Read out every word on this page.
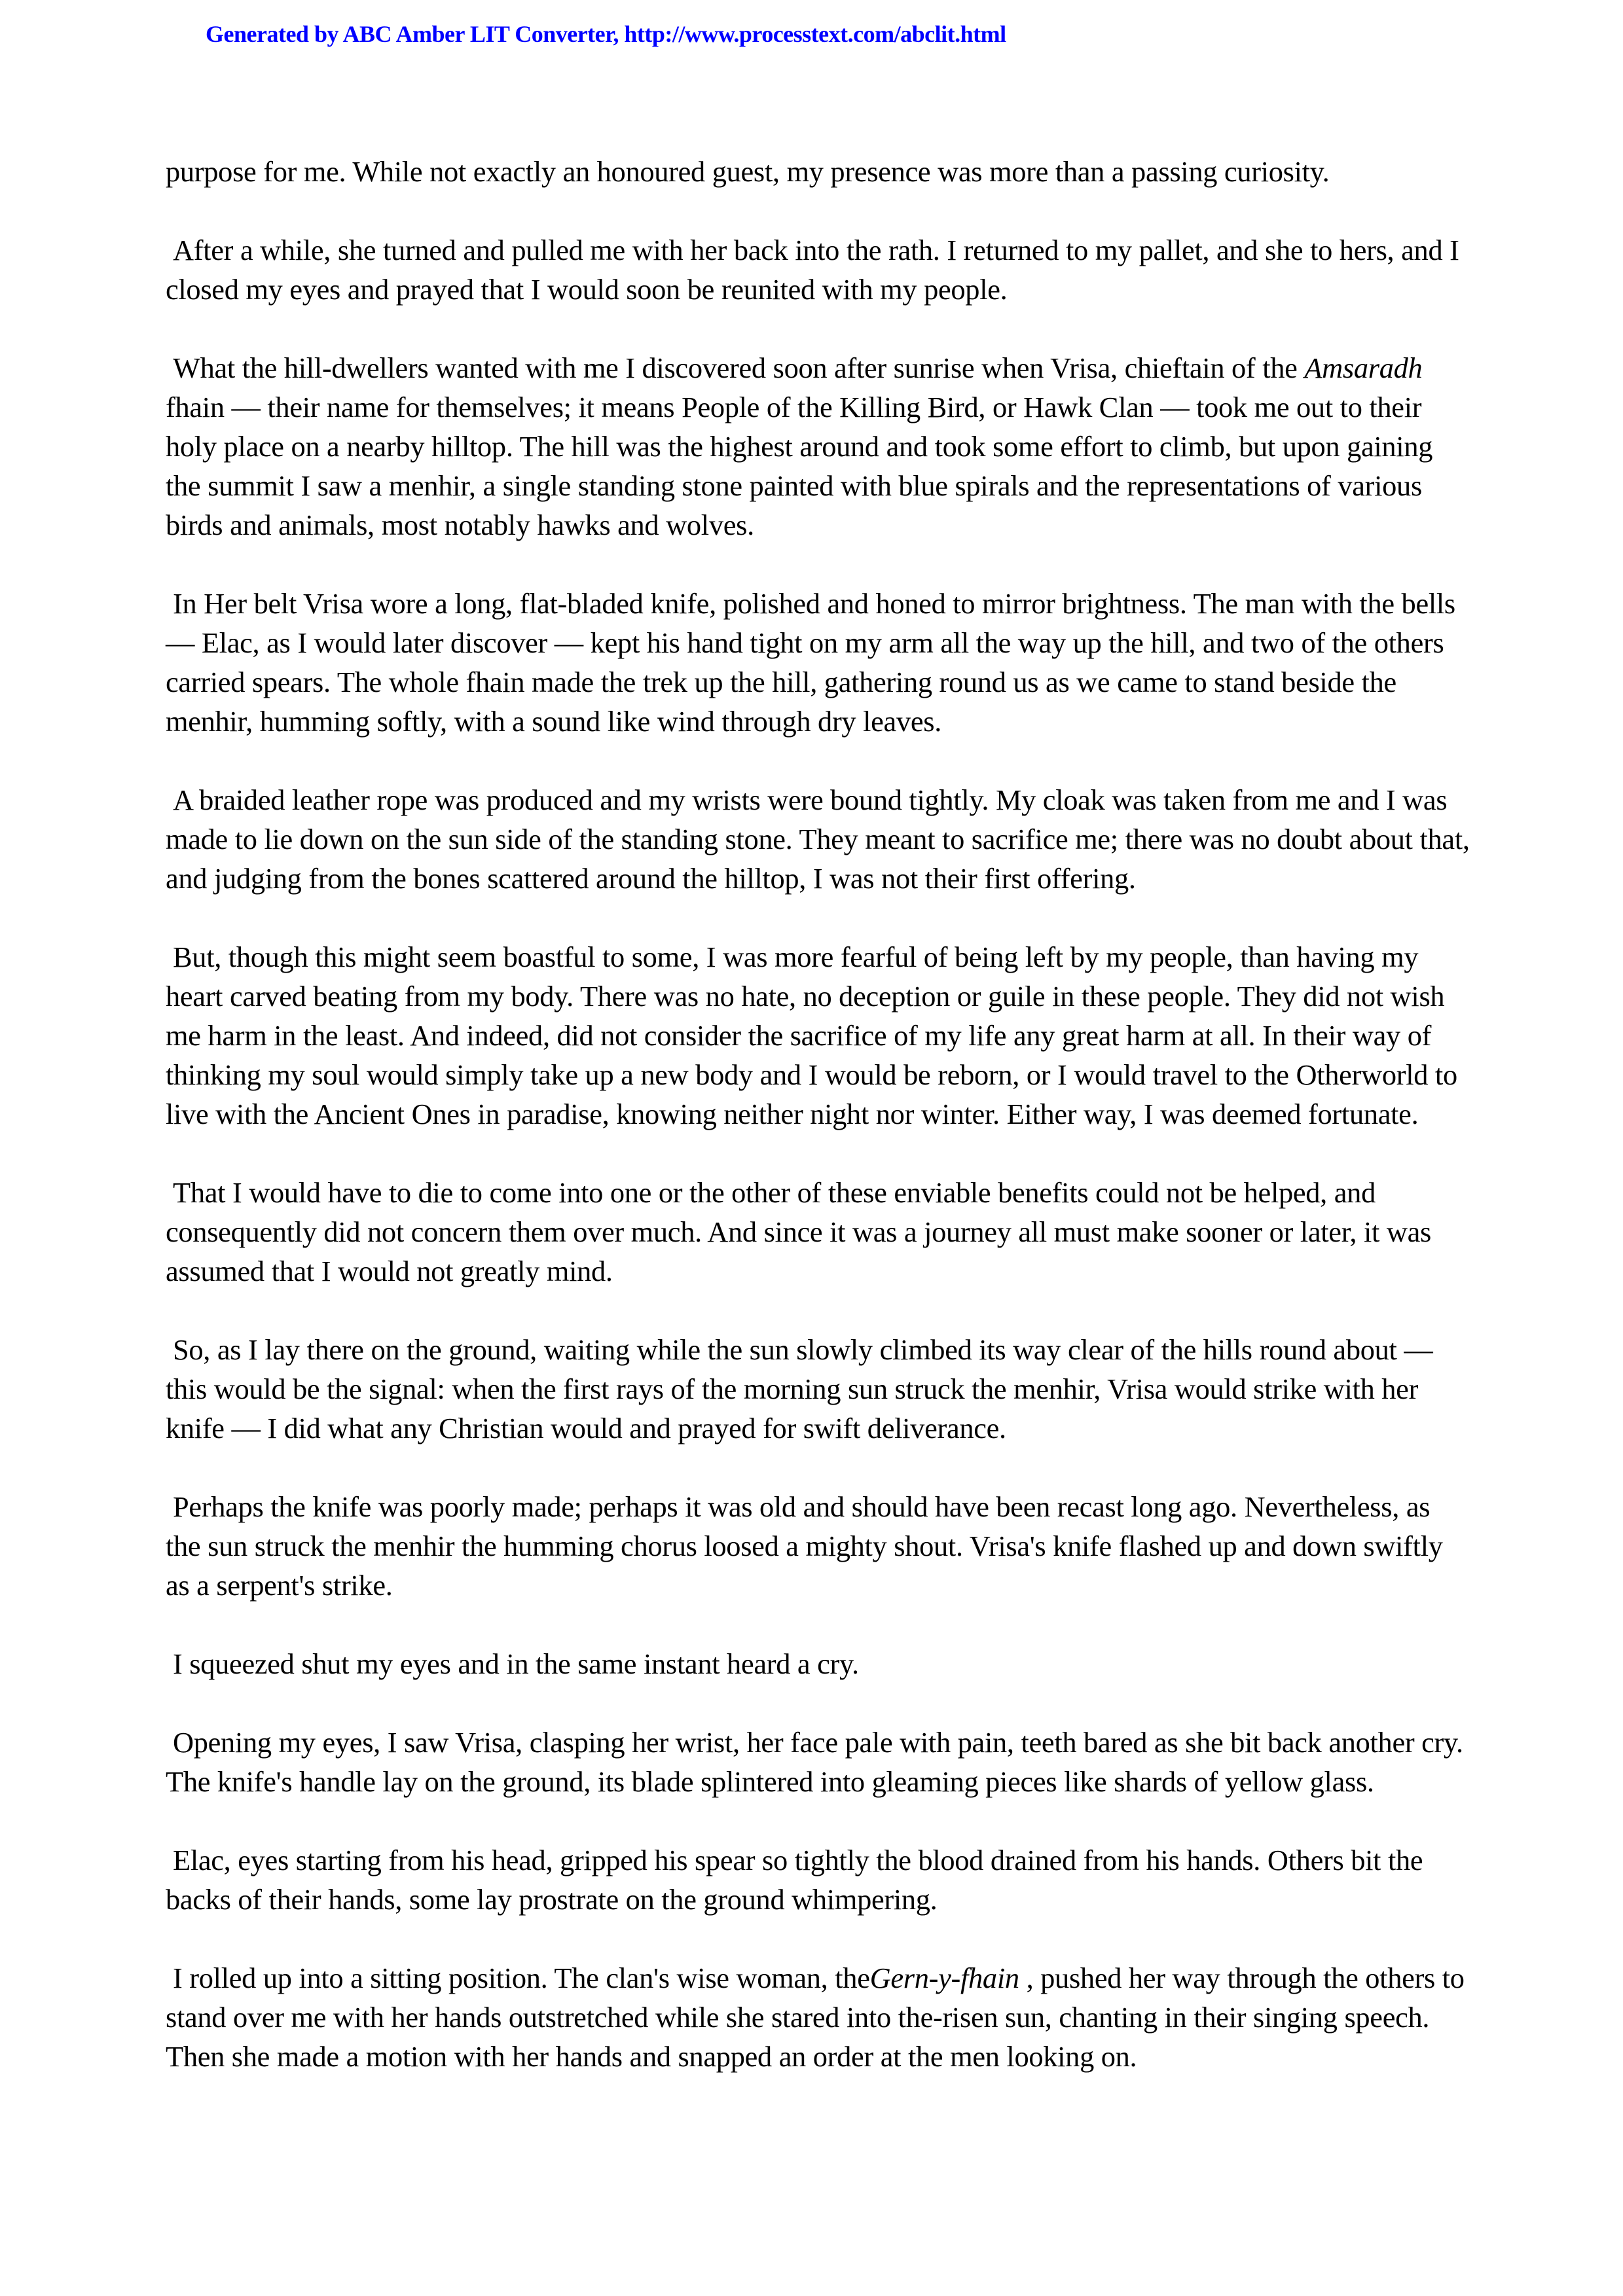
Generated by ABC Amber LIT Converter, http://www.processtext.com/abclit.html

purpose for me. While not exactly an honoured guest, my presence was more than a passing curiosity.

After a while, she turned and pulled me with her back into the rath. I returned to my pallet, and she to hers, and I closed my eyes and prayed that I would soon be reunited with my people.

What the hill-dwellers wanted with me I discovered soon after sunrise when Vrisa, chieftain of the Amsaradh fhain — their name for themselves; it means People of the Killing Bird, or Hawk Clan — took me out to their holy place on a nearby hilltop. The hill was the highest around and took some effort to climb, but upon gaining the summit I saw a menhir, a single standing stone painted with blue spirals and the representations of various birds and animals, most notably hawks and wolves.

In Her belt Vrisa wore a long, flat-bladed knife, polished and honed to mirror brightness. The man with the bells — Elac, as I would later discover — kept his hand tight on my arm all the way up the hill, and two of the others carried spears. The whole fhain made the trek up the hill, gathering round us as we came to stand beside the menhir, humming softly, with a sound like wind through dry leaves.

A braided leather rope was produced and my wrists were bound tightly. My cloak was taken from me and I was made to lie down on the sun side of the standing stone. They meant to sacrifice me; there was no doubt about that, and judging from the bones scattered around the hilltop, I was not their first offering.

But, though this might seem boastful to some, I was more fearful of being left by my people, than having my heart carved beating from my body. There was no hate, no deception or guile in these people. They did not wish me harm in the least. And indeed, did not consider the sacrifice of my life any great harm at all. In their way of thinking my soul would simply take up a new body and I would be reborn, or I would travel to the Otherworld to live with the Ancient Ones in paradise, knowing neither night nor winter. Either way, I was deemed fortunate.

That I would have to die to come into one or the other of these enviable benefits could not be helped, and consequently did not concern them over much. And since it was a journey all must make sooner or later, it was assumed that I would not greatly mind.

So, as I lay there on the ground, waiting while the sun slowly climbed its way clear of the hills round about — this would be the signal: when the first rays of the morning sun struck the menhir, Vrisa would strike with her knife — I did what any Christian would and prayed for swift deliverance.

Perhaps the knife was poorly made; perhaps it was old and should have been recast long ago. Nevertheless, as the sun struck the menhir the humming chorus loosed a mighty shout. Vrisa's knife flashed up and down swiftly as a serpent's strike.

I squeezed shut my eyes and in the same instant heard a cry.

Opening my eyes, I saw Vrisa, clasping her wrist, her face pale with pain, teeth bared as she bit back another cry. The knife's handle lay on the ground, its blade splintered into gleaming pieces like shards of yellow glass.

Elac, eyes starting from his head, gripped his spear so tightly the blood drained from his hands. Others bit the backs of their hands, some lay prostrate on the ground whimpering.

I rolled up into a sitting position. The clan's wise woman, theGern-y-fhain , pushed her way through the others to stand over me with her hands outstretched while she stared into the-risen sun, chanting in their singing speech. Then she made a motion with her hands and snapped an order at the men looking on.
